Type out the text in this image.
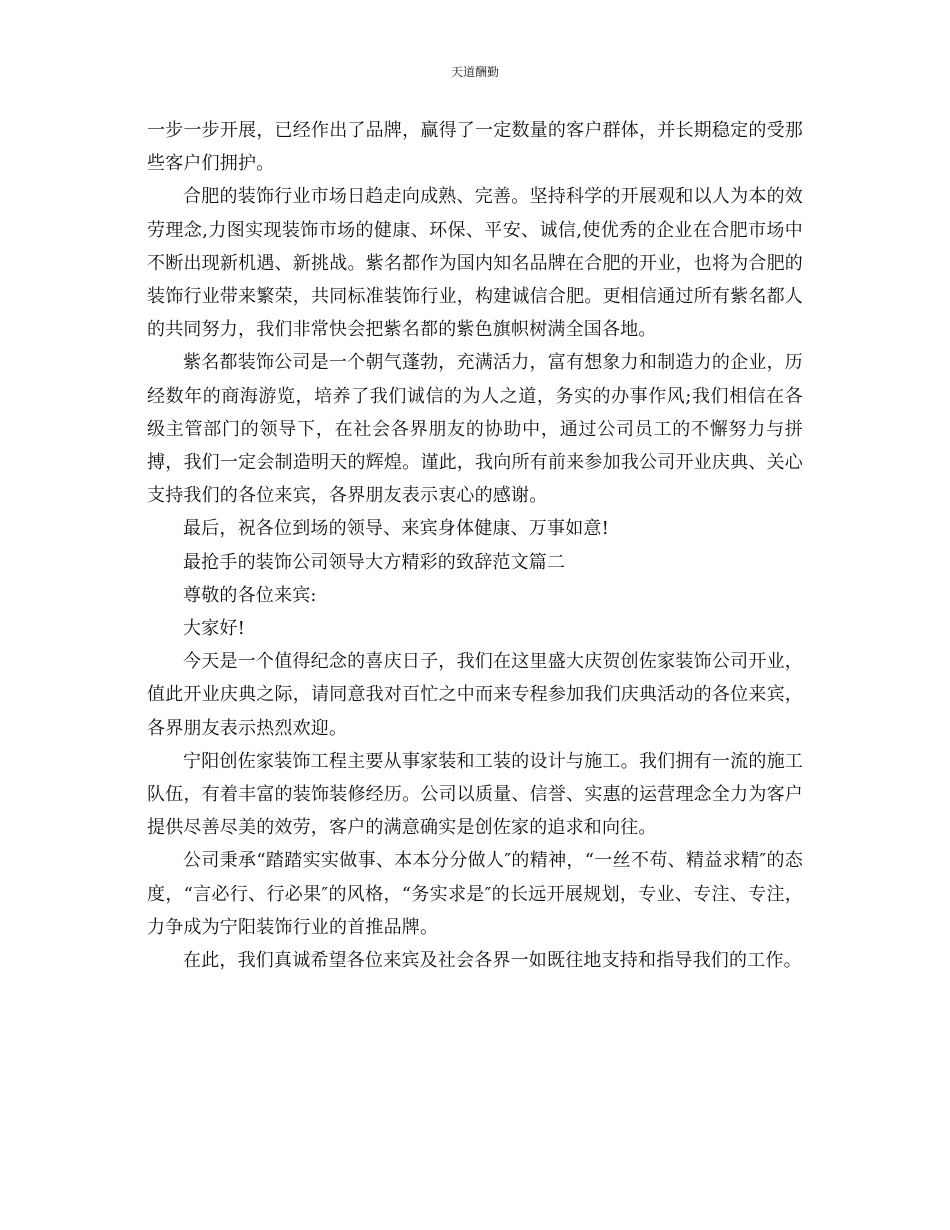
天道酬勤

一步一步开展，已经作出了品牌，赢得了一定数量的客户群体，并长期稳定的受那些客户们拥护。

合肥的装饰行业市场日趋走向成熟、完善。坚持科学的开展观和以人为本的效劳理念,力图实现装饰市场的健康、环保、平安、诚信,使优秀的企业在合肥市场中不断出现新机遇、新挑战。紫名都作为国内知名品牌在合肥的开业，也将为合肥的装饰行业带来繁荣，共同标准装饰行业，构建诚信合肥。更相信通过所有紫名都人的共同努力，我们非常快会把紫名都的紫色旗帜树满全国各地。

紫名都装饰公司是一个朝气蓬勃，充满活力，富有想象力和制造力的企业，历经数年的商海游览，培养了我们诚信的为人之道，务实的办事作风;我们相信在各级主管部门的领导下，在社会各界朋友的协助中，通过公司员工的不懈努力与拼搏，我们一定会制造明天的辉煌。谨此，我向所有前来参加我公司开业庆典、关心支持我们的各位来宾，各界朋友表示衷心的感谢。

最后，祝各位到场的领导、来宾身体健康、万事如意!

最抢手的装饰公司领导大方精彩的致辞范文篇二

尊敬的各位来宾:

大家好!

今天是一个值得纪念的喜庆日子，我们在这里盛大庆贺创佐家装饰公司开业，值此开业庆典之际，请同意我对百忙之中而来专程参加我们庆典活动的各位来宾，各界朋友表示热烈欢迎。

宁阳创佐家装饰工程主要从事家装和工装的设计与施工。我们拥有一流的施工队伍，有着丰富的装饰装修经历。公司以质量、信誉、实惠的运营理念全力为客户提供尽善尽美的效劳，客户的满意确实是创佐家的追求和向往。

公司秉承“踏踏实实做事、本本分分做人″的精神，“一丝不苟、精益求精″的态度，“言必行、行必果″的风格，“务实求是″的长远开展规划，专业、专注、专注，力争成为宁阳装饰行业的首推品牌。

在此，我们真诚希望各位来宾及社会各界一如既往地支持和指导我们的工作。
